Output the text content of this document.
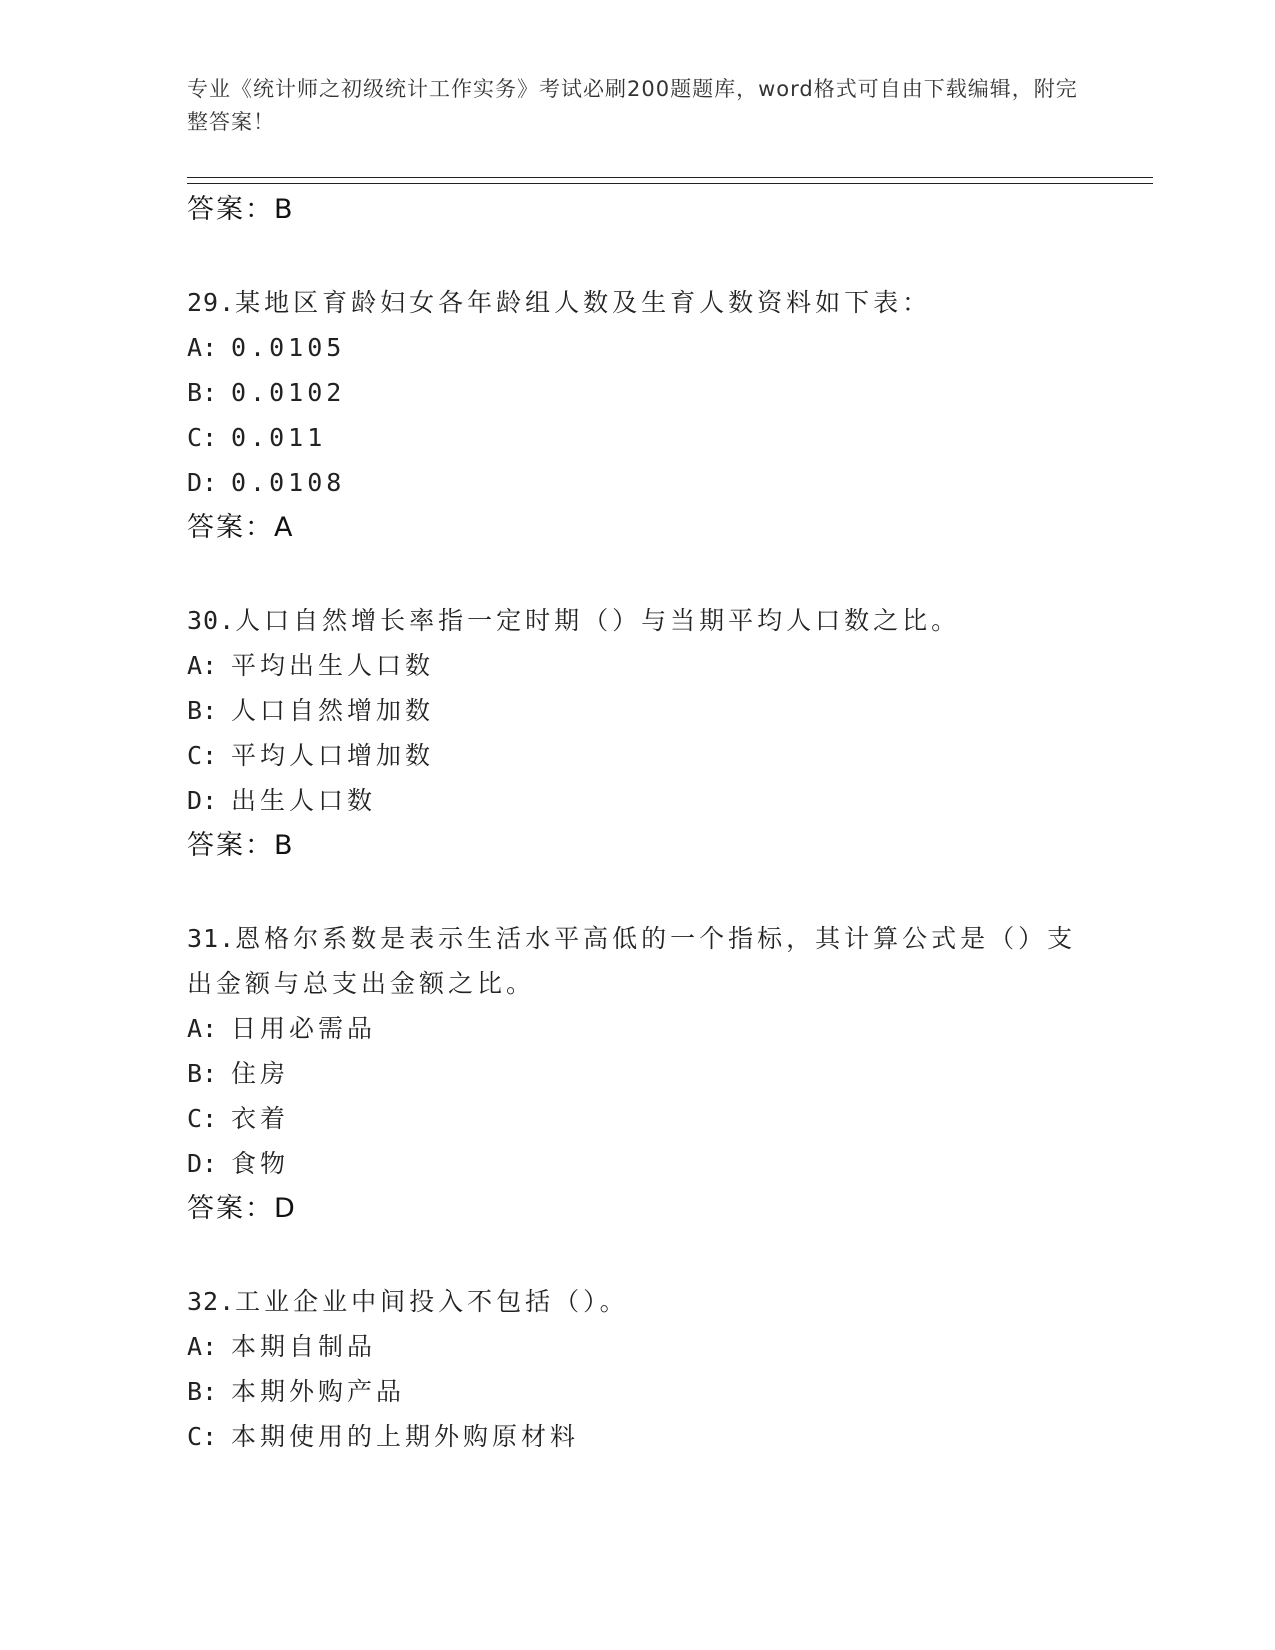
专业《统计师之初级统计工作实务》考试必刷200题题库，word格式可自由下载编辑，附完整答案！
答案：B
29.某地区育龄妇女各年龄组人数及生育人数资料如下表：
A: 0.0105
B: 0.0102
C: 0.011
D: 0.0108
答案：A
30.人口自然增长率指一定时期（）与当期平均人口数之比。
A: 平均出生人口数
B: 人口自然增加数
C: 平均人口增加数
D: 出生人口数
答案：B
31.恩格尔系数是表示生活水平高低的一个指标，其计算公式是（）支出金额与总支出金额之比。
A: 日用必需品
B: 住房
C: 衣着
D: 食物
答案：D
32.工业企业中间投入不包括（）。
A: 本期自制品
B: 本期外购产品
C: 本期使用的上期外购原材料
